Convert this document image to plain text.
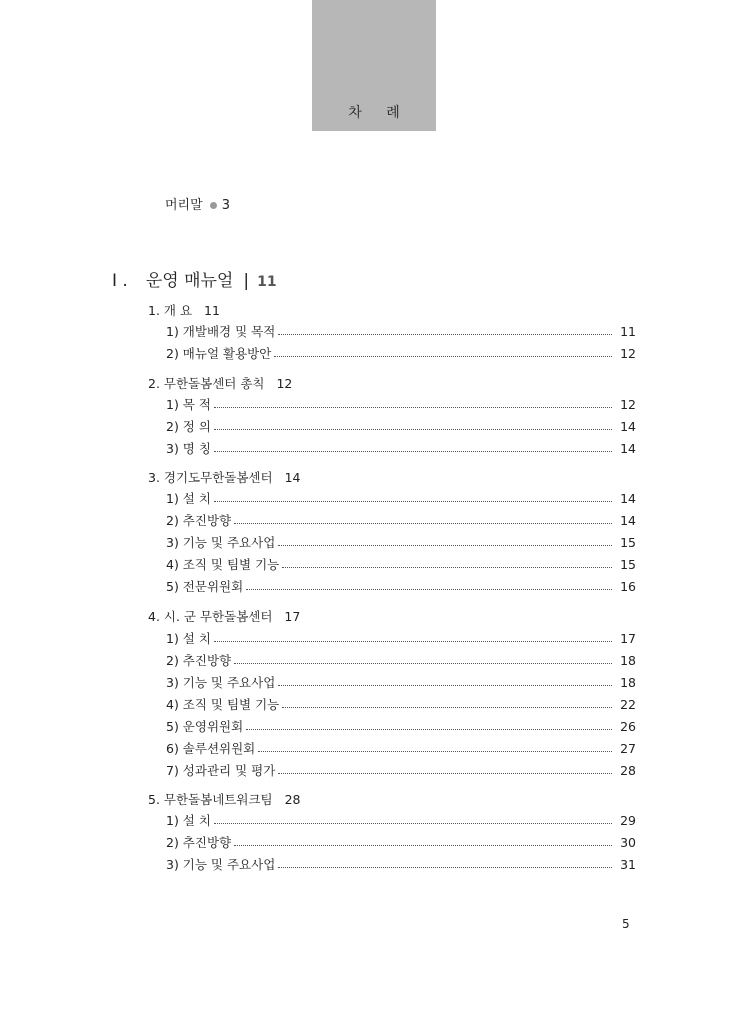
차 례
머리말 3
Ⅰ . 운영 매뉴얼 | 11
1. 개 요 11
1) 개발배경 및 목적	11
2) 매뉴얼 활용방안	12
2. 무한돌봄센터 총칙 12
1) 목 적	12
2) 정 의	14
3) 명 칭	14
3. 경기도무한돌봄센터 14
1) 설 치	14
2) 추진방향	14
3) 기능 및 주요사업	15
4) 조직 및 팀별 기능	15
5) 전문위원회	16
4. 시. 군 무한돌봄센터 17
1) 설 치	17
2) 추진방향	18
3) 기능 및 주요사업	18
4) 조직 및 팀별 기능	22
5) 운영위원회	26
6) 솔루션위원회	27
7) 성과관리 및 평가	28
5. 무한돌봄네트워크팀 28
1) 설 치	29
2) 추진방향	30
3) 기능 및 주요사업	31
5
